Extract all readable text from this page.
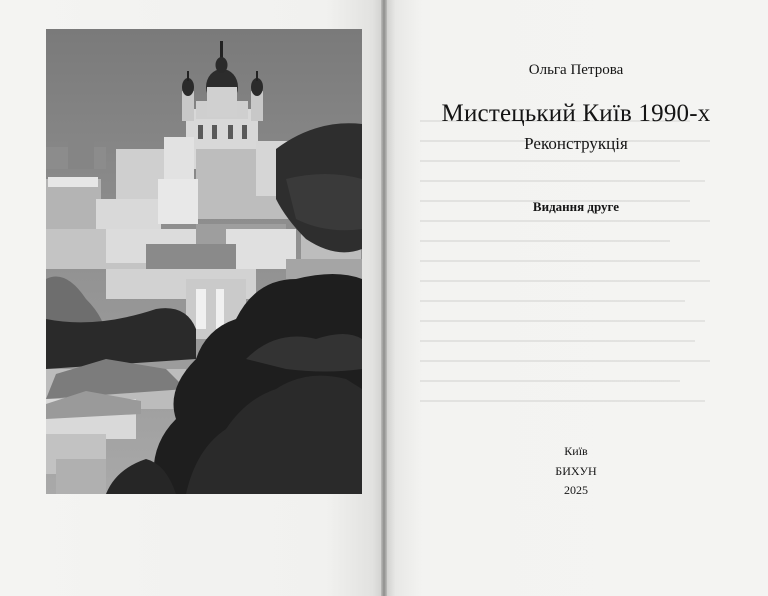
Ольга Петрова
Мистецький Київ 1990-х
Реконструкція
Видання друге
Київ
БИХУН
2025
